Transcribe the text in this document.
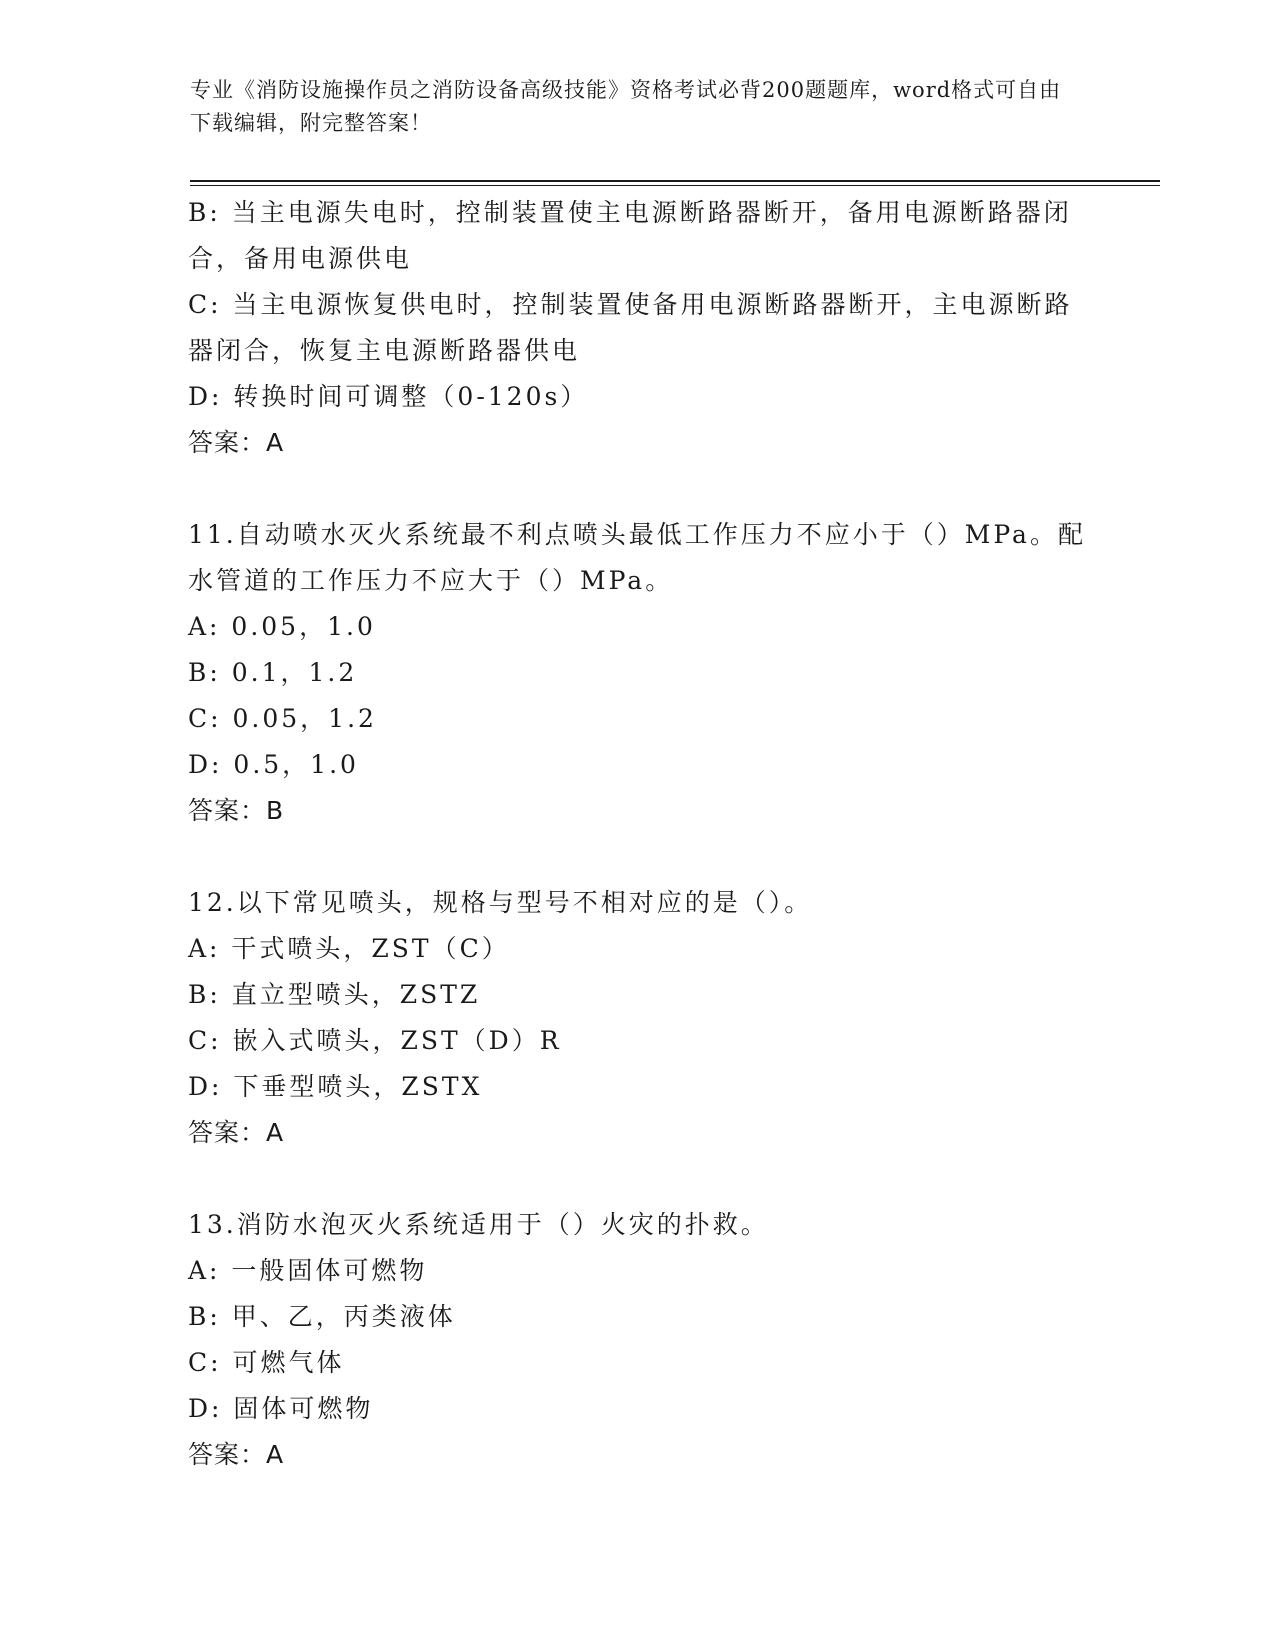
专业《消防设施操作员之消防设备高级技能》资格考试必背200题题库，word格式可自由下载编辑，附完整答案！
B: 当主电源失电时，控制装置使主电源断路器断开，备用电源断路器闭合，备用电源供电
C: 当主电源恢复供电时，控制装置使备用电源断路器断开，主电源断路器闭合，恢复主电源断路器供电
D: 转换时间可调整（0-120s）
答案：A
11.自动喷水灭火系统最不利点喷头最低工作压力不应小于（）MPa。配水管道的工作压力不应大于（）MPa。
A: 0.05，1.0
B: 0.1，1.2
C: 0.05，1.2
D: 0.5，1.0
答案：B
12.以下常见喷头，规格与型号不相对应的是（）。
A: 干式喷头，ZST（C）
B: 直立型喷头，ZSTZ
C: 嵌入式喷头，ZST（D）R
D: 下垂型喷头，ZSTX
答案：A
13.消防水泡灭火系统适用于（）火灾的扑救。
A: 一般固体可燃物
B: 甲、乙，丙类液体
C: 可燃气体
D: 固体可燃物
答案：A
